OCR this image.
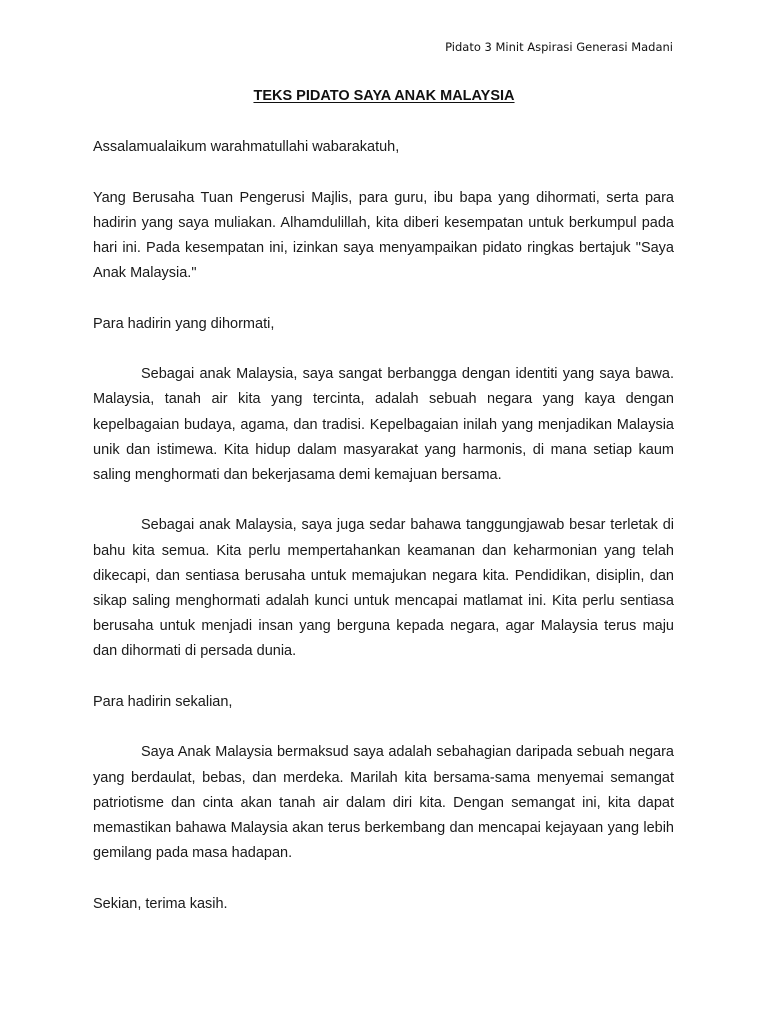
Pidato 3 Minit Aspirasi Generasi Madani
TEKS PIDATO SAYA ANAK MALAYSIA
Assalamualaikum warahmatullahi wabarakatuh,
Yang Berusaha Tuan Pengerusi Majlis, para guru, ibu bapa yang dihormati, serta para hadirin yang saya muliakan. Alhamdulillah, kita diberi kesempatan untuk berkumpul pada hari ini. Pada kesempatan ini, izinkan saya menyampaikan pidato ringkas bertajuk "Saya Anak Malaysia."
Para hadirin yang dihormati,
Sebagai anak Malaysia, saya sangat berbangga dengan identiti yang saya bawa. Malaysia, tanah air kita yang tercinta, adalah sebuah negara yang kaya dengan kepelbagaian budaya, agama, dan tradisi. Kepelbagaian inilah yang menjadikan Malaysia unik dan istimewa. Kita hidup dalam masyarakat yang harmonis, di mana setiap kaum saling menghormati dan bekerjasama demi kemajuan bersama.
Sebagai anak Malaysia, saya juga sedar bahawa tanggungjawab besar terletak di bahu kita semua. Kita perlu mempertahankan keamanan dan keharmonian yang telah dikecapi, dan sentiasa berusaha untuk memajukan negara kita. Pendidikan, disiplin, dan sikap saling menghormati adalah kunci untuk mencapai matlamat ini. Kita perlu sentiasa berusaha untuk menjadi insan yang berguna kepada negara, agar Malaysia terus maju dan dihormati di persada dunia.
Para hadirin sekalian,
Saya Anak Malaysia bermaksud saya adalah sebahagian daripada sebuah negara yang berdaulat, bebas, dan merdeka. Marilah kita bersama-sama menyemai semangat patriotisme dan cinta akan tanah air dalam diri kita. Dengan semangat ini, kita dapat memastikan bahawa Malaysia akan terus berkembang dan mencapai kejayaan yang lebih gemilang pada masa hadapan.
Sekian, terima kasih.
